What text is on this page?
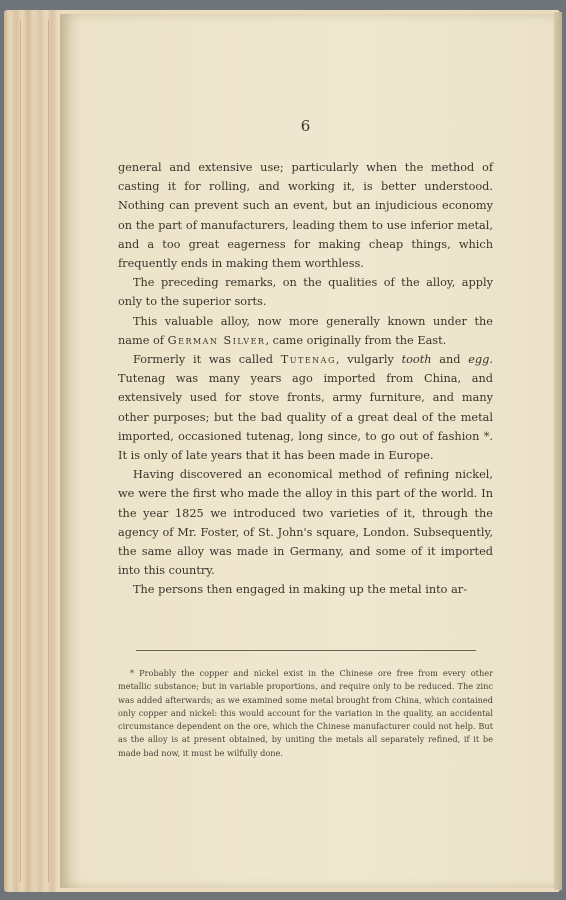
6

general and extensive use; particularly when the method of casting it for rolling, and working it, is better understood. Nothing can prevent such an event, but an injudicious economy on the part of manufacturers, leading them to use inferior metal, and a too great eagerness for making cheap things, which frequently ends in making them worthless.

The preceding remarks, on the qualities of the alloy, apply only to the superior sorts.

This valuable alloy, now more generally known under the name of German Silver, came originally from the East.

Formerly it was called Tutenag, vulgarly tooth and egg. Tutenag was many years ago imported from China, and extensively used for stove fronts, army furniture, and many other purposes; but the bad quality of a great deal of the metal imported, occasioned tutenag, long since, to go out of fashion *. It is only of late years that it has been made in Europe.

Having discovered an economical method of refining nickel, we were the first who made the alloy in this part of the world. In the year 1825 we introduced two varieties of it, through the agency of Mr. Foster, of St. John's square, London. Subsequently, the same alloy was made in Germany, and some of it imported into this country.

The persons then engaged in making up the metal into ar-

* Probably the copper and nickel exist in the Chinese ore free from every other metallic substance; but in variable proportions, and require only to be reduced. The zinc was added afterwards; as we examined some metal brought from China, which contained only copper and nickel: this would account for the variation in the quality, an accidental circumstance dependent on the ore, which the Chinese manufacturer could not help. But as the alloy is at present obtained, by uniting the metals all separately refined, if it be made bad now, it must be wilfully done.
